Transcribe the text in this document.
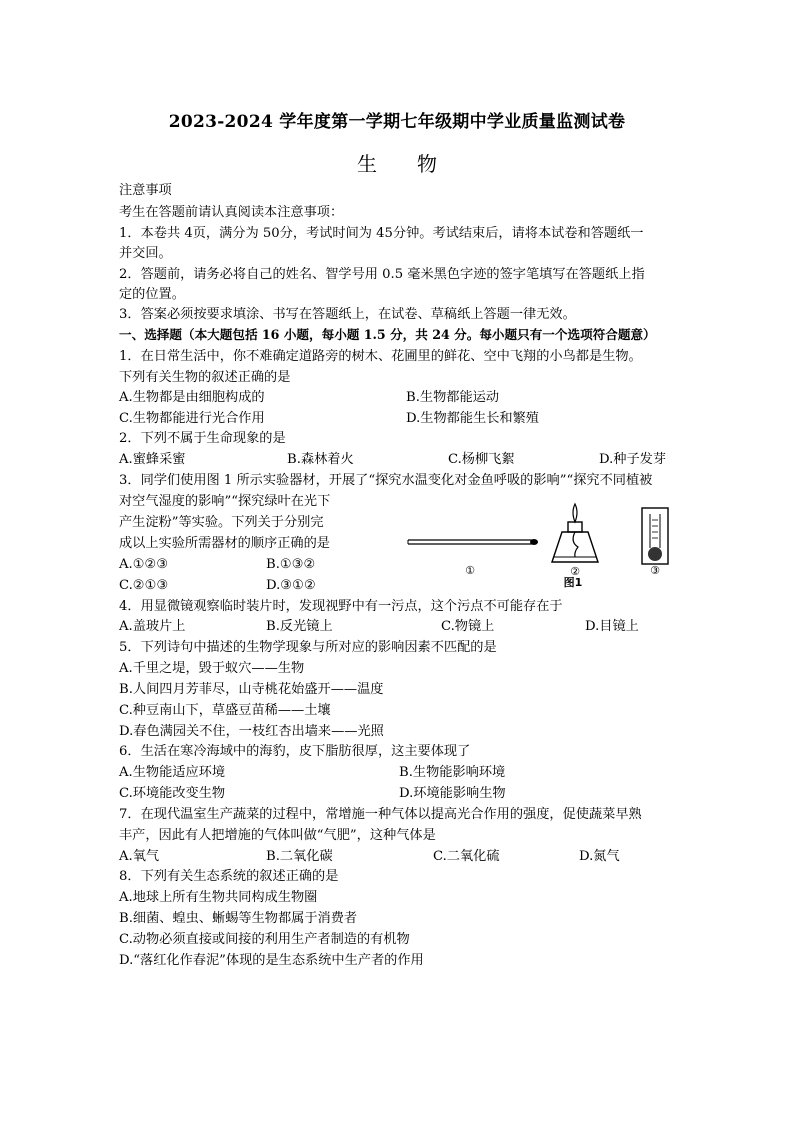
2023-2024 学年度第一学期七年级期中学业质量监测试卷
生物
注意事项
考生在答题前请认真阅读本注意事项：
1．本卷共 4页，满分为 50分，考试时间为 45分钟。考试结束后，请将本试卷和答题纸一
并交回。
2．答题前，请务必将自己的姓名、智学号用 0.5 毫米黑色字迹的签字笔填写在答题纸上指
定的位置。
3．答案必须按要求填涂、书写在答题纸上，在试卷、草稿纸上答题一律无效。
一、选择题（本大题包括 16 小题，每小题 1.5 分，共 24 分。每小题只有一个选项符合题意）
1．在日常生活中，你不难确定道路旁的树木、花圃里的鲜花、空中飞翔的小鸟都是生物。
下列有关生物的叙述正确的是
A.生物都是由细胞构成的	B.生物都能运动
C.生物都能进行光合作用	D.生物都能生长和繁殖
2．下列不属于生命现象的是
A.蜜蜂采蜜	B.森林着火	C.杨柳飞絮	D.种子发芽
3．同学们使用图 1 所示实验器材，开展了“探究水温变化对金鱼呼吸的影响”“探究不同植被
对空气湿度的影响”“探究绿叶在光下
产生淀粉”等实验。下列关于分别完
成以上实验所需器材的顺序正确的是
A.①②③	B.①③②
C.②①③	D.③①②
①	②	③
图1
4．用显微镜观察临时装片时，发现视野中有一污点，这个污点不可能存在于
A.盖玻片上	B.反光镜上	C.物镜上	D.目镜上
5．下列诗句中描述的生物学现象与所对应的影响因素不匹配的是
A.千里之堤，毁于蚁穴——生物
B.人间四月芳菲尽，山寺桃花始盛开——温度
C.种豆南山下，草盛豆苗稀——土壤
D.春色满园关不住，一枝红杏出墙来——光照
6．生活在寒冷海域中的海豹，皮下脂肪很厚，这主要体现了
A.生物能适应环境	B.生物能影响环境
C.环境能改变生物	D.环境能影响生物
7．在现代温室生产蔬菜的过程中，常增施一种气体以提高光合作用的强度，促使蔬菜早熟
丰产，因此有人把增施的气体叫做“气肥”，这种气体是
A.氧气	B.二氧化碳	C.二氧化硫	D.氮气
8．下列有关生态系统的叙述正确的是
A.地球上所有生物共同构成生物圈
B.细菌、蝗虫、蜥蜴等生物都属于消费者
C.动物必须直接或间接的利用生产者制造的有机物
D.“落红化作春泥”体现的是生态系统中生产者的作用
